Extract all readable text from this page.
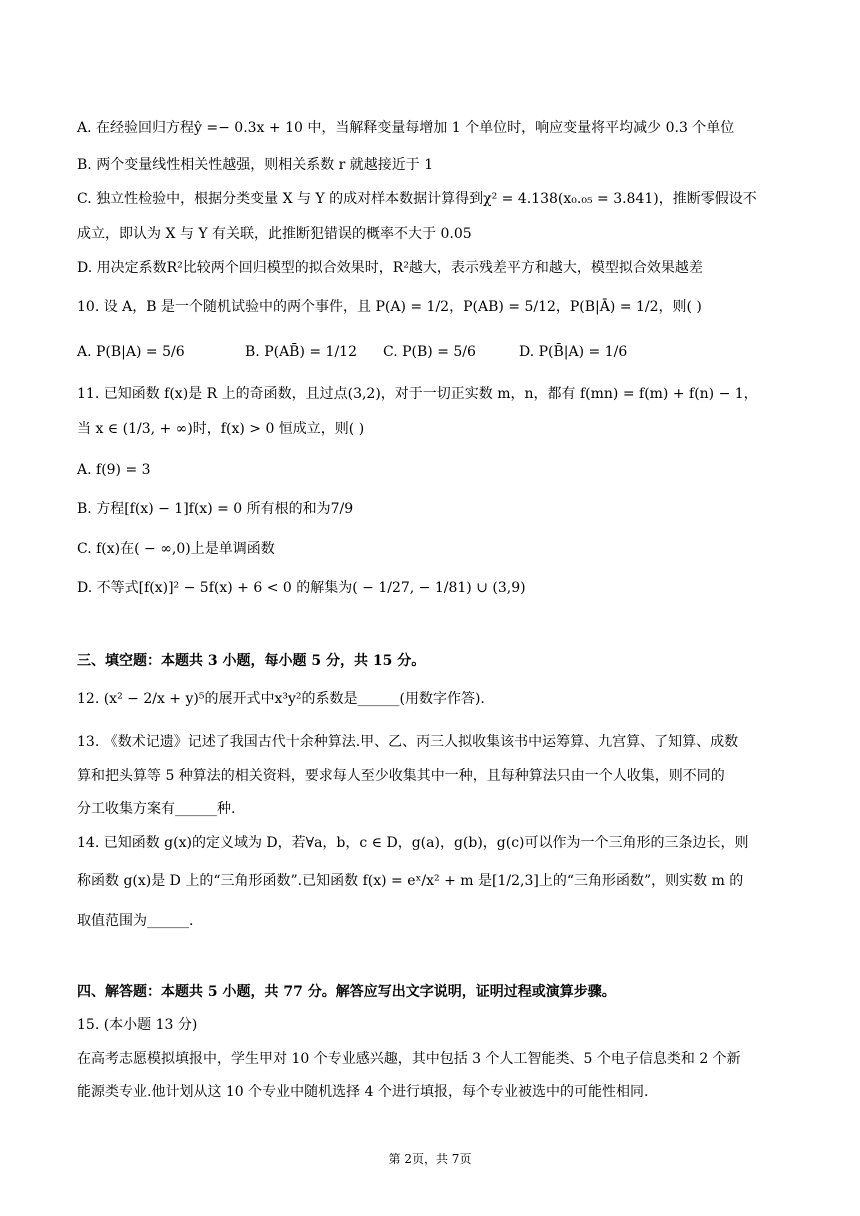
A. 在经验回归方程ŷ =− 0.3x + 10 中，当解释变量每增加 1 个单位时，响应变量将平均减少 0.3 个单位
B. 两个变量线性相关性越强，则相关系数 r 就越接近于 1
C. 独立性检验中，根据分类变量 X 与 Y 的成对样本数据计算得到χ² = 4.138(x₀.₀₅ = 3.841)，推断零假设不
成立，即认为 X 与 Y 有关联，此推断犯错误的概率不大于 0.05
D. 用决定系数R²比较两个回归模型的拟合效果时，R²越大，表示残差平方和越大，模型拟合效果越差
10. 设 A，B 是一个随机试验中的两个事件，且 P(A) = 1/2，P(AB) = 5/12，P(B|Ā) = 1/2，则( )
A. P(B|A) = 5/6	B. P(AB̄) = 1/12 C. P(B) = 5/6	D. P(B̄|A) = 1/6
11. 已知函数 f(x)是 R 上的奇函数，且过点(3,2)，对于一切正实数 m，n，都有 f(mn) = f(m) + f(n) − 1，
当 x ∈ (1/3, + ∞)时，f(x) > 0 恒成立，则( )
A. f(9) = 3
B. 方程[f(x) − 1]f(x) = 0 所有根的和为7/9
C. f(x)在( − ∞,0)上是单调函数
D. 不等式[f(x)]² − 5f(x) + 6 < 0 的解集为( − 1/27, − 1/81) ∪ (3,9)
三、填空题：本题共 3 小题，每小题 5 分，共 15 分。
12. (x² − 2/x + y)⁵的展开式中x³y²的系数是______(用数字作答).
13. 《数术记遗》记述了我国古代十余种算法.甲、乙、丙三人拟收集该书中运筹算、九宫算、了知算、成数
算和把头算等 5 种算法的相关资料，要求每人至少收集其中一种，且每种算法只由一个人收集，则不同的
分工收集方案有______种.
14. 已知函数 g(x)的定义域为 D，若∀a，b，c ∈ D，g(a)，g(b)，g(c)可以作为一个三角形的三条边长，则
称函数 g(x)是 D 上的“三角形函数”.已知函数 f(x) = eˣ/x² + m 是[1/2,3]上的“三角形函数”，则实数 m 的
取值范围为______.
四、解答题：本题共 5 小题，共 77 分。解答应写出文字说明，证明过程或演算步骤。
15. (本小题 13 分)
在高考志愿模拟填报中，学生甲对 10 个专业感兴趣，其中包括 3 个人工智能类、5 个电子信息类和 2 个新
能源类专业.他计划从这 10 个专业中随机选择 4 个进行填报，每个专业被选中的可能性相同.
第 2页，共 7页
